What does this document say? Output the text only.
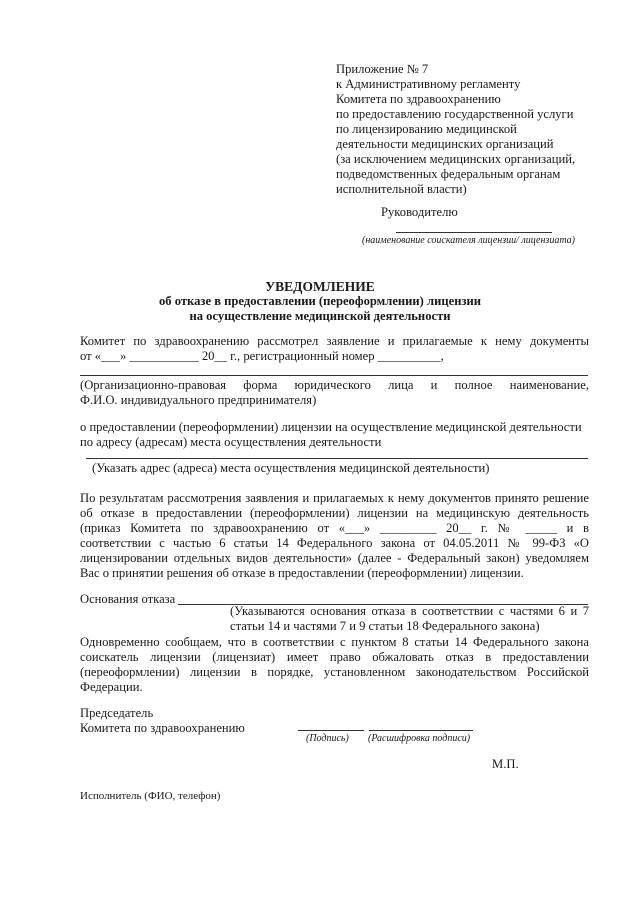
Приложение № 7
к Административному регламенту
Комитета по здравоохранению
по предоставлению государственной услуги
по лицензированию медицинской
деятельности медицинских организаций
(за исключением медицинских организаций,
подведомственных федеральным органам
исполнительной власти)
Руководителю
(наименование соискателя лицензии/ лицензиата)
УВЕДОМЛЕНИЕ
об отказе в предоставлении (переоформлении) лицензии
на осуществление медицинской деятельности
Комитет по здравоохранению рассмотрел заявление и прилагаемые к нему документы
от «___» ___________ 20__ г., регистрационный номер __________,
(Организационно-правовая форма юридического лица и полное наименование,
Ф.И.О. индивидуального предпринимателя)
о предоставлении (переоформлении) лицензии на осуществление медицинской деятельности
по адресу (адресам) места осуществления деятельности
(Указать адрес (адреса) места осуществления медицинской деятельности)
По результатам рассмотрения заявления и прилагаемых к нему документов принято решение
об отказе в предоставлении (переоформлении) лицензии на медицинскую деятельность
(приказ Комитета по здравоохранению от «___» _________ 20__ г. № _____ и в
соответствии с частью 6 статьи 14 Федерального закона от 04.05.2011 № 99-ФЗ «О
лицензировании отдельных видов деятельности» (далее - Федеральный закон) уведомляем
Вас о принятии решения об отказе в предоставлении (переоформлении) лицензии.
Основания отказа
(Указываются основания отказа в соответствии с частями 6 и 7
статьи 14 и частями 7 и 9 статьи 18 Федерального закона)
Одновременно сообщаем, что в соответствии с пунктом 8 статьи 14 Федерального закона
соискатель лицензии (лицензиат) имеет право обжаловать отказ в предоставлении
(переоформлении) лицензии в порядке, установленном законодательством Российской
Федерации.
Председатель
Комитета по здравоохранению
(Подпись) (Расшифровка подписи)
М.П.
Исполнитель (ФИО, телефон)
